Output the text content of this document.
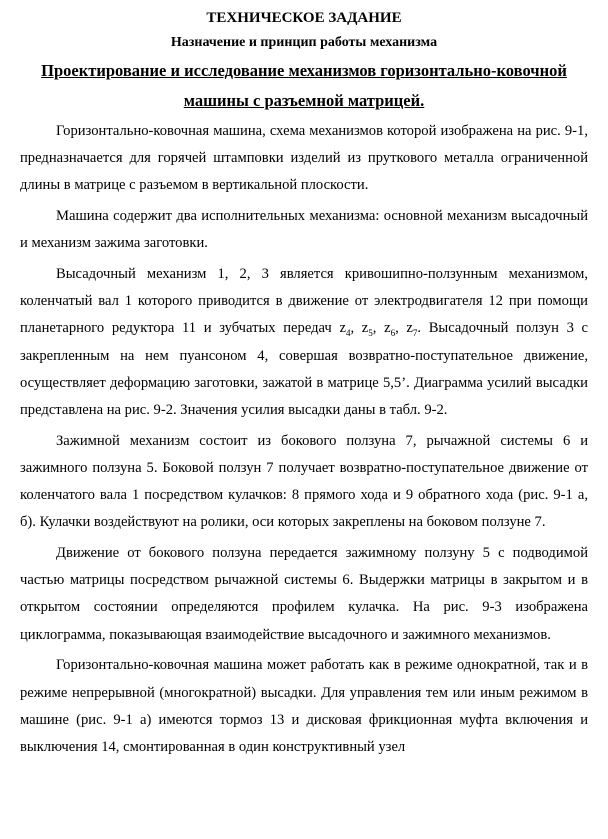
ТЕХНИЧЕСКОЕ ЗАДАНИЕ

Назначение и принцип работы механизма

Проектирование и исследование механизмов горизонтально-ковочной машины с разъемной матрицей.

Горизонтально-ковочная машина, схема механизмов которой изображена на рис. 9-1, предназначается для горячей штамповки изделий из пруткового металла ограниченной длины в матрице с разъемом в вертикальной плоскости.

Машина содержит два исполнительных механизма: основной механизм высадочный и механизм зажима заготовки.

Высадочный механизм 1, 2, 3 является кривошипно-ползунным механизмом, коленчатый вал 1 которого приводится в движение от электродвигателя 12 при помощи планетарного редуктора 11 и зубчатых передач $z_4$, $z_5$, $z_6$, $z_7$. Высадочный ползун 3 с закрепленным на нем пуансоном 4, совершая возвратно-поступательное движение, осуществляет деформацию заготовки, зажатой в матрице 5,5’. Диаграмма усилий высадки представлена на рис. 9-2. Значения усилия высадки даны в табл. 9-2.

Зажимной механизм состоит из бокового ползуна 7, рычажной системы 6 и зажимного ползуна 5. Боковой ползун 7 получает возвратно-поступательное движение от коленчатого вала 1 посредством кулачков: 8 прямого хода и 9 обратного хода (рис. 9-1 а, б). Кулачки воздействуют на ролики, оси которых закреплены на боковом ползуне 7.

Движение от бокового ползуна передается зажимному ползуну 5 с подводимой частью матрицы посредством рычажной системы 6. Выдержки матрицы в закрытом и в открытом состоянии определяются профилем кулачка. На рис. 9-3 изображена циклограмма, показывающая взаимодействие высадочного и зажимного механизмов.

Горизонтально-ковочная машина может работать как в режиме однократной, так и в режиме непрерывной (многократной) высадки. Для управления тем или иным режимом в машине (рис. 9-1 а) имеются тормоз 13 и дисковая фрикционная муфта включения и выключения 14, смонтированная в один конструктивный узел
